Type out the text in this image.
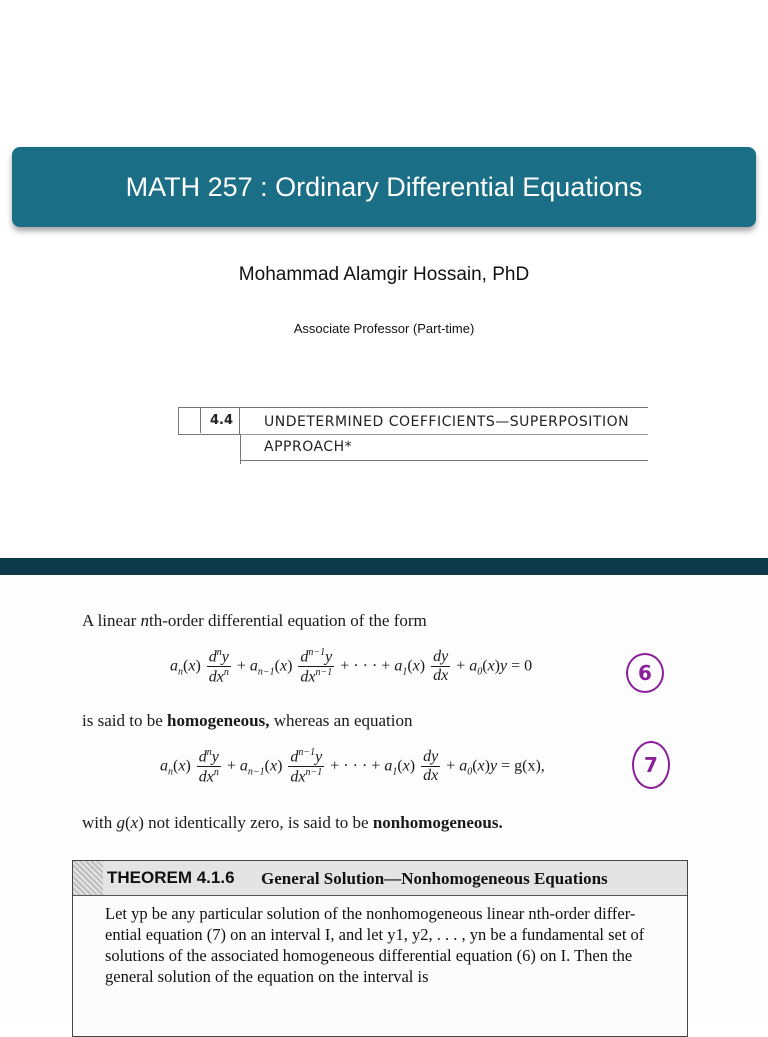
MATH 257 : Ordinary Differential Equations
Mohammad Alamgir Hossain, PhD
Associate Professor (Part-time)
4.4 UNDETERMINED COEFFICIENTS—SUPERPOSITION
APPROACH*
A linear nth-order differential equation of the form
$a_n(x) \frac{d^ny}{dx^n} + a_{n-1}(x) \frac{d^{n-1}y}{dx^{n-1}}$ + · · · + $a_1(x) \frac{dy}{dx} + a_0(x)y = 0$	6
is said to be homogeneous, whereas an equation
$a_n(x) \frac{d^ny}{dx^n} + a_{n-1}(x) \frac{d^{n-1}y}{dx^{n-1}}$ + · · · + $a_1(x) \frac{dy}{dx} + a_0(x)y = g(x)$,	7
with g(x) not identically zero, is said to be nonhomogeneous.
THEOREM 4.1.6 General Solution—Nonhomogeneous Equations
Let yp be any particular solution of the nonhomogeneous linear nth-order differ-
ential equation (7) on an interval I, and let y1, y2, . . . , yn be a fundamental set of
solutions of the associated homogeneous differential equation (6) on I. Then the
general solution of the equation on the interval is
